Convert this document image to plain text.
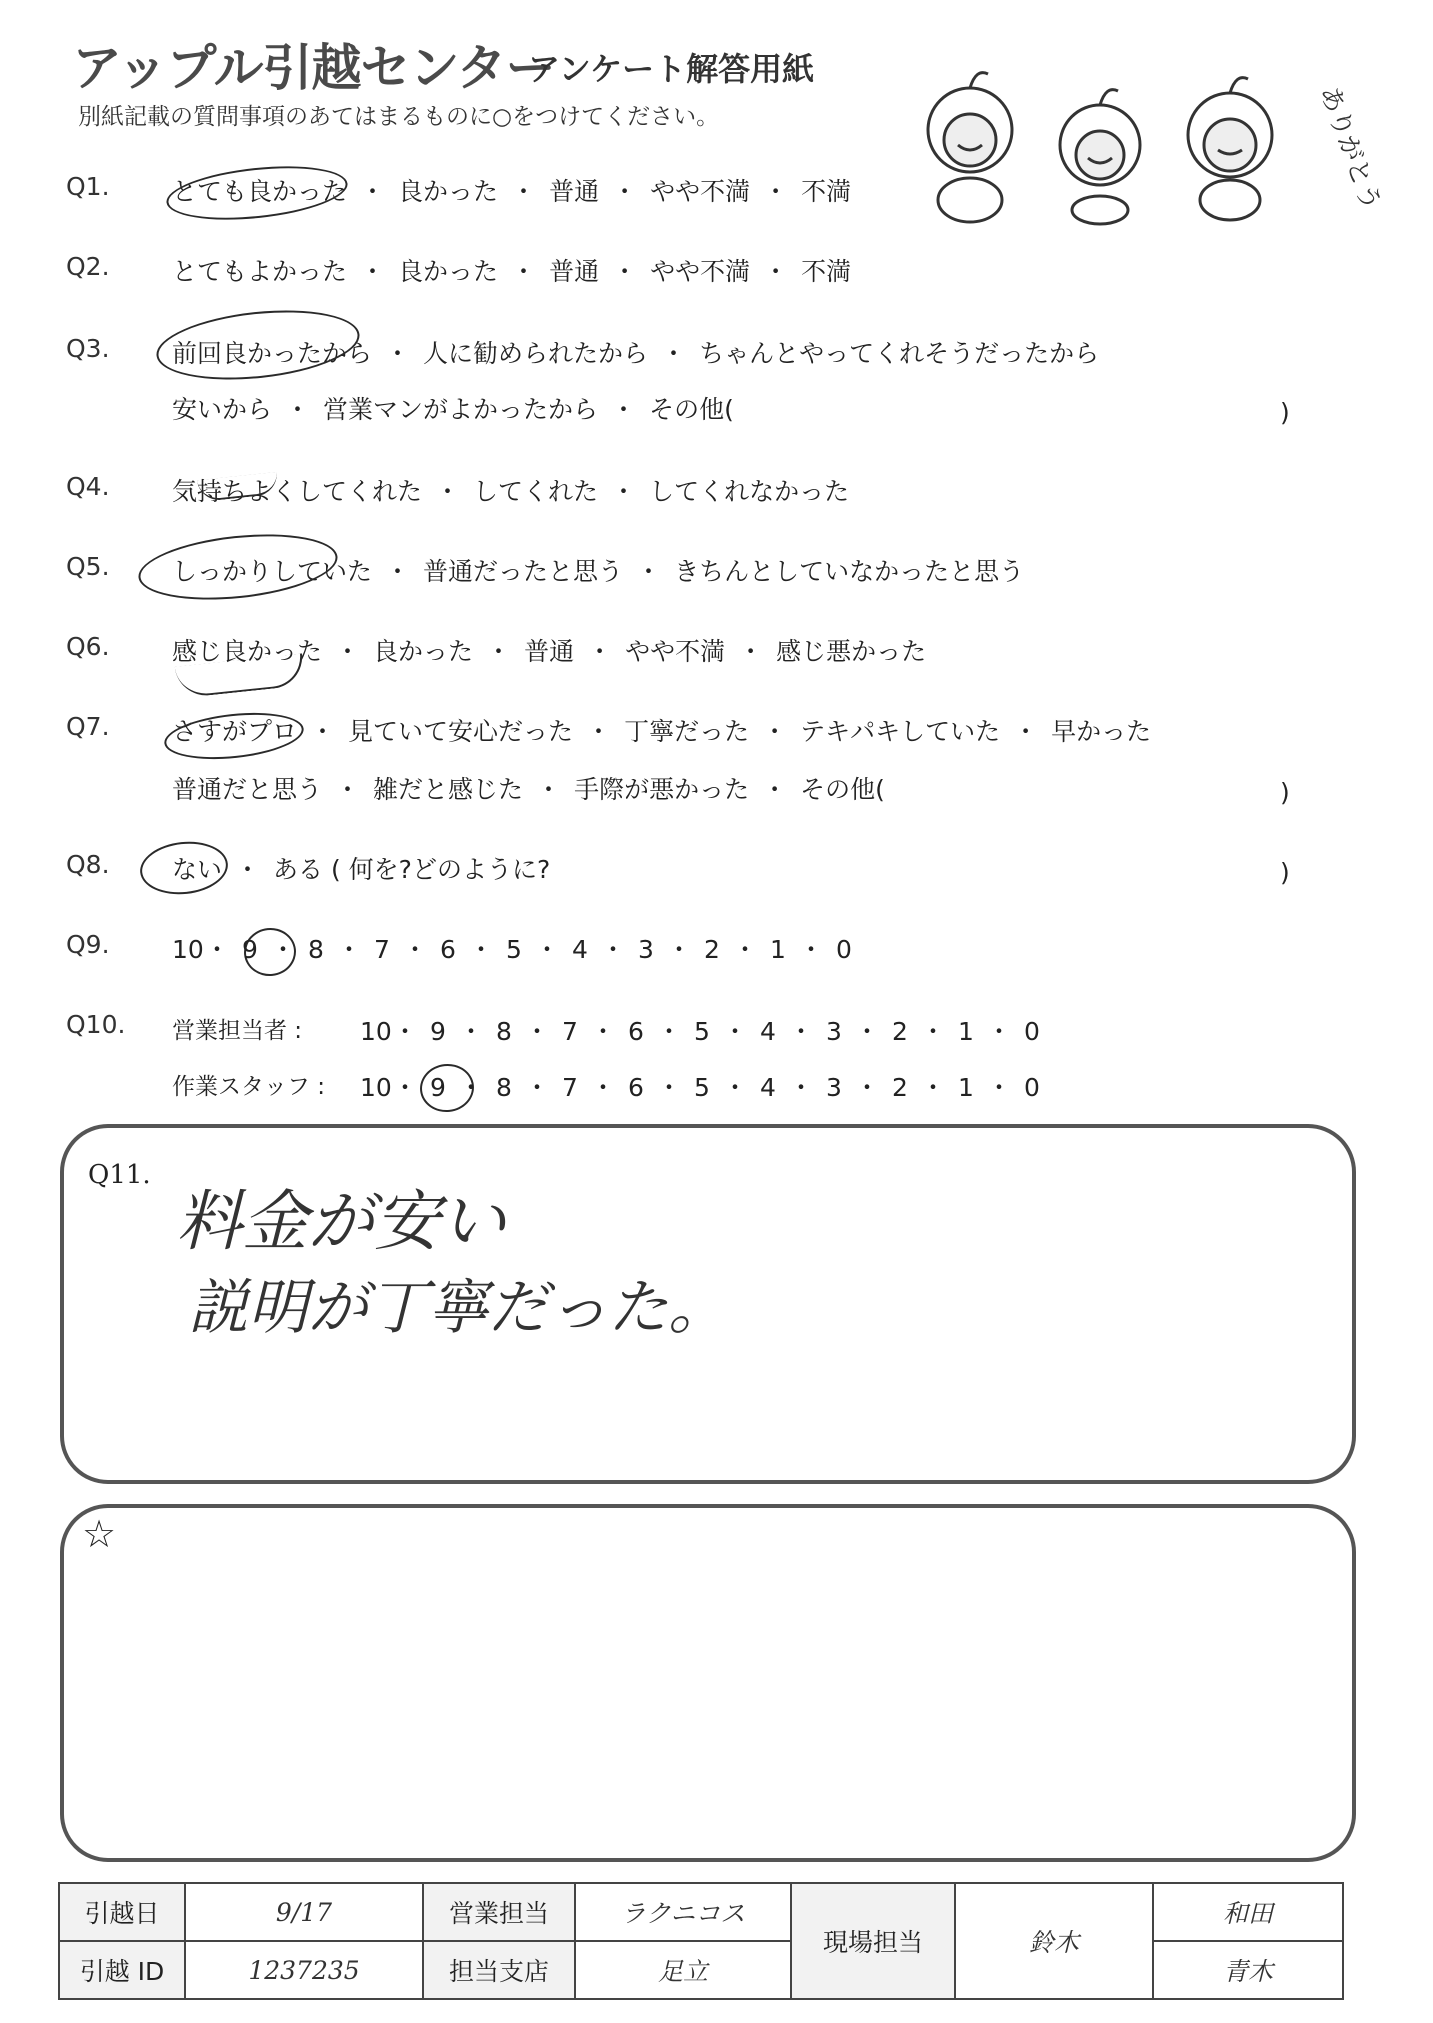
アップル引越センター
アンケート解答用紙
別紙記載の質問事項のあてはまるものに○をつけてください。	ありがとう
Q1. とても良かった ・ 良かった ・ 普通 ・ やや不満 ・ 不満
Q2. とてもよかった ・ 良かった ・ 普通 ・ やや不満 ・ 不満
Q3. 前回良かったから ・ 人に勧められたから ・ ちゃんとやってくれそうだったから
安いから ・ 営業マンがよかったから ・ その他(	)
Q4. 気持ちよくしてくれた ・ してくれた ・ してくれなかった
Q5. しっかりしていた ・ 普通だったと思う ・ きちんとしていなかったと思う
Q6. 感じ良かった ・ 良かった ・ 普通 ・ やや不満 ・ 感じ悪かった
Q7. さすがプロ ・ 見ていて安心だった ・ 丁寧だった ・ テキパキしていた ・ 早かった
普通だと思う ・ 雑だと感じた ・ 手際が悪かった ・ その他(	)
Q8. ない ・ ある ( 何を?どのように?	)
Q9. 10・ 9 ・ 8 ・ 7 ・ 6 ・ 5 ・ 4 ・ 3 ・ 2 ・ 1 ・ 0
Q10. 営業担当者 : 10・ 9 ・ 8 ・ 7 ・ 6 ・ 5 ・ 4 ・ 3 ・ 2 ・ 1 ・ 0
作業スタッフ : 10・ 9 ・ 8 ・ 7 ・ 6 ・ 5 ・ 4 ・ 3 ・ 2 ・ 1 ・ 0
Q11.
料金が安い
説明が丁寧だった。
☆
引越日	9/17	営業担当	ラクニコス	現場担当	鈴木	和田
引越 ID	1237235	担当支店	足立			青木
